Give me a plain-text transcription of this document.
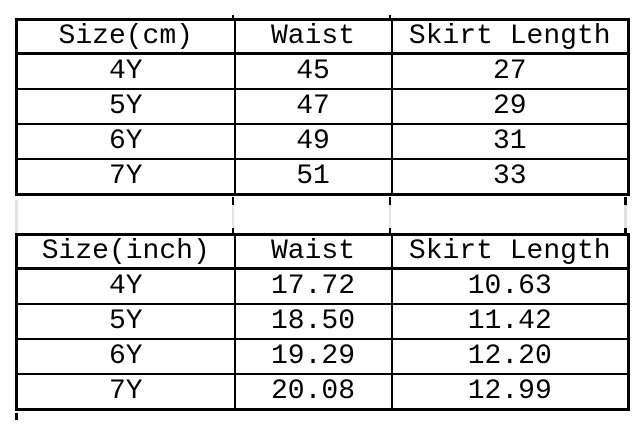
Size(cm)	Waist	Skirt Length
4Y	45	27
5Y	47	29
6Y	49	31
7Y	51	33
Size(inch)	Waist	Skirt Length
4Y	17.72	10.63
5Y	18.50	11.42
6Y	19.29	12.20
7Y	20.08	12.99
